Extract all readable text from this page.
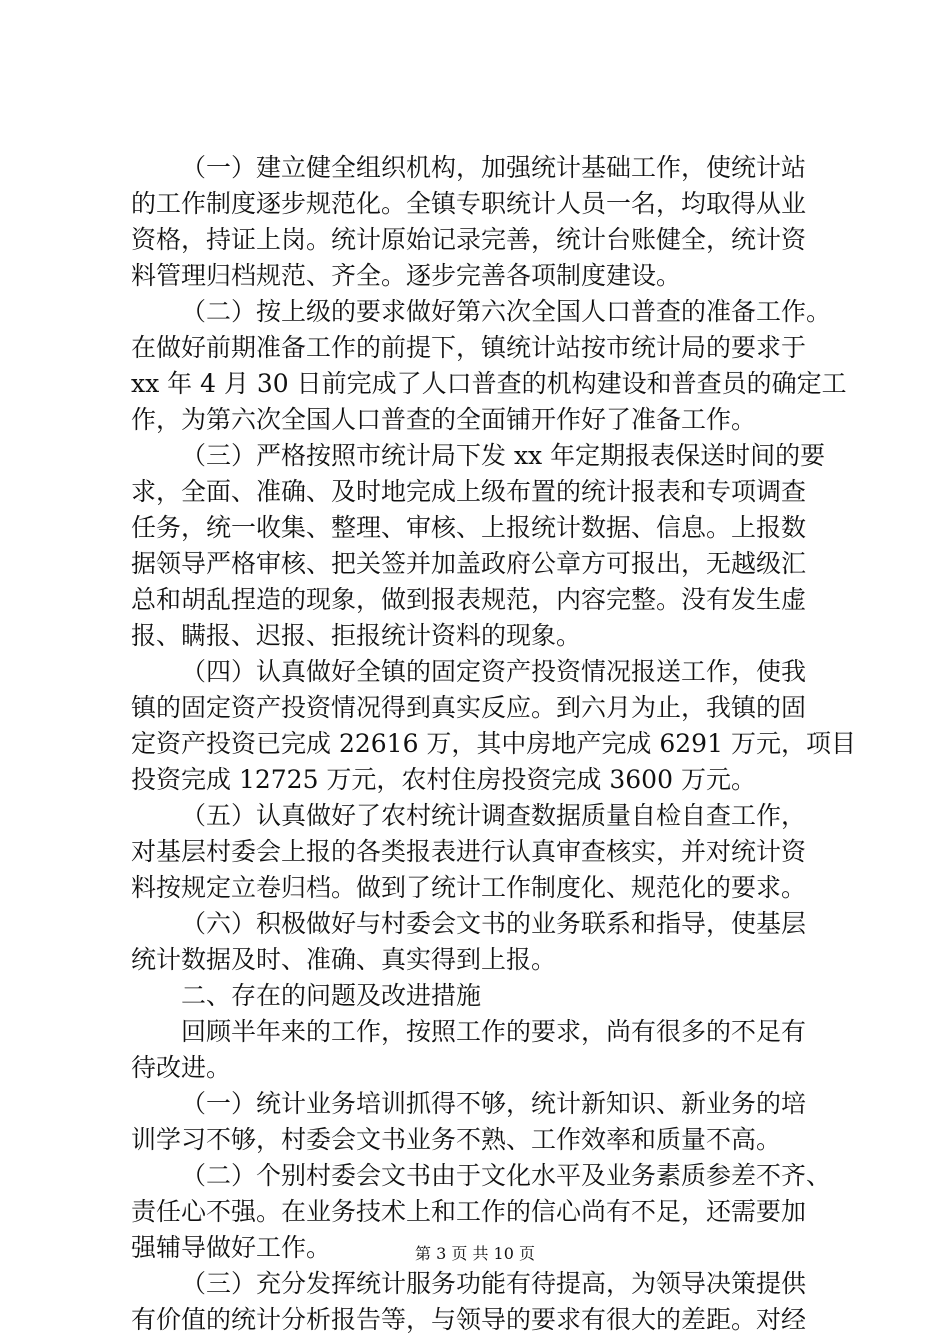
（一）建立健全组织机构，加强统计基础工作，使统计站
的工作制度逐步规范化。全镇专职统计人员一名，均取得从业
资格，持证上岗。统计原始记录完善，统计台账健全，统计资
料管理归档规范、齐全。逐步完善各项制度建设。
（二）按上级的要求做好第六次全国人口普查的准备工作。
在做好前期准备工作的前提下，镇统计站按市统计局的要求于
xx 年 4 月 30 日前完成了人口普查的机构建设和普查员的确定工
作，为第六次全国人口普查的全面铺开作好了准备工作。
（三）严格按照市统计局下发 xx 年定期报表保送时间的要
求，全面、准确、及时地完成上级布置的统计报表和专项调查
任务，统一收集、整理、审核、上报统计数据、信息。上报数
据领导严格审核、把关签并加盖政府公章方可报出，无越级汇
总和胡乱捏造的现象，做到报表规范，内容完整。没有发生虚
报、瞒报、迟报、拒报统计资料的现象。
（四）认真做好全镇的固定资产投资情况报送工作，使我
镇的固定资产投资情况得到真实反应。到六月为止，我镇的固
定资产投资已完成 22616 万，其中房地产完成 6291 万元，项目
投资完成 12725 万元，农村住房投资完成 3600 万元。
（五）认真做好了农村统计调查数据质量自检自查工作，
对基层村委会上报的各类报表进行认真审查核实，并对统计资
料按规定立卷归档。做到了统计工作制度化、规范化的要求。
（六）积极做好与村委会文书的业务联系和指导，使基层
统计数据及时、准确、真实得到上报。
二、存在的问题及改进措施
回顾半年来的工作，按照工作的要求，尚有很多的不足有
待改进。
（一）统计业务培训抓得不够，统计新知识、新业务的培
训学习不够，村委会文书业务不熟、工作效率和质量不高。
（二）个别村委会文书由于文化水平及业务素质参差不齐、
责任心不强。在业务技术上和工作的信心尚有不足，还需要加
强辅导做好工作。
（三）充分发挥统计服务功能有待提高，为领导决策提供
有价值的统计分析报告等，与领导的要求有很大的差距。对经
第 3 页 共 10 页
